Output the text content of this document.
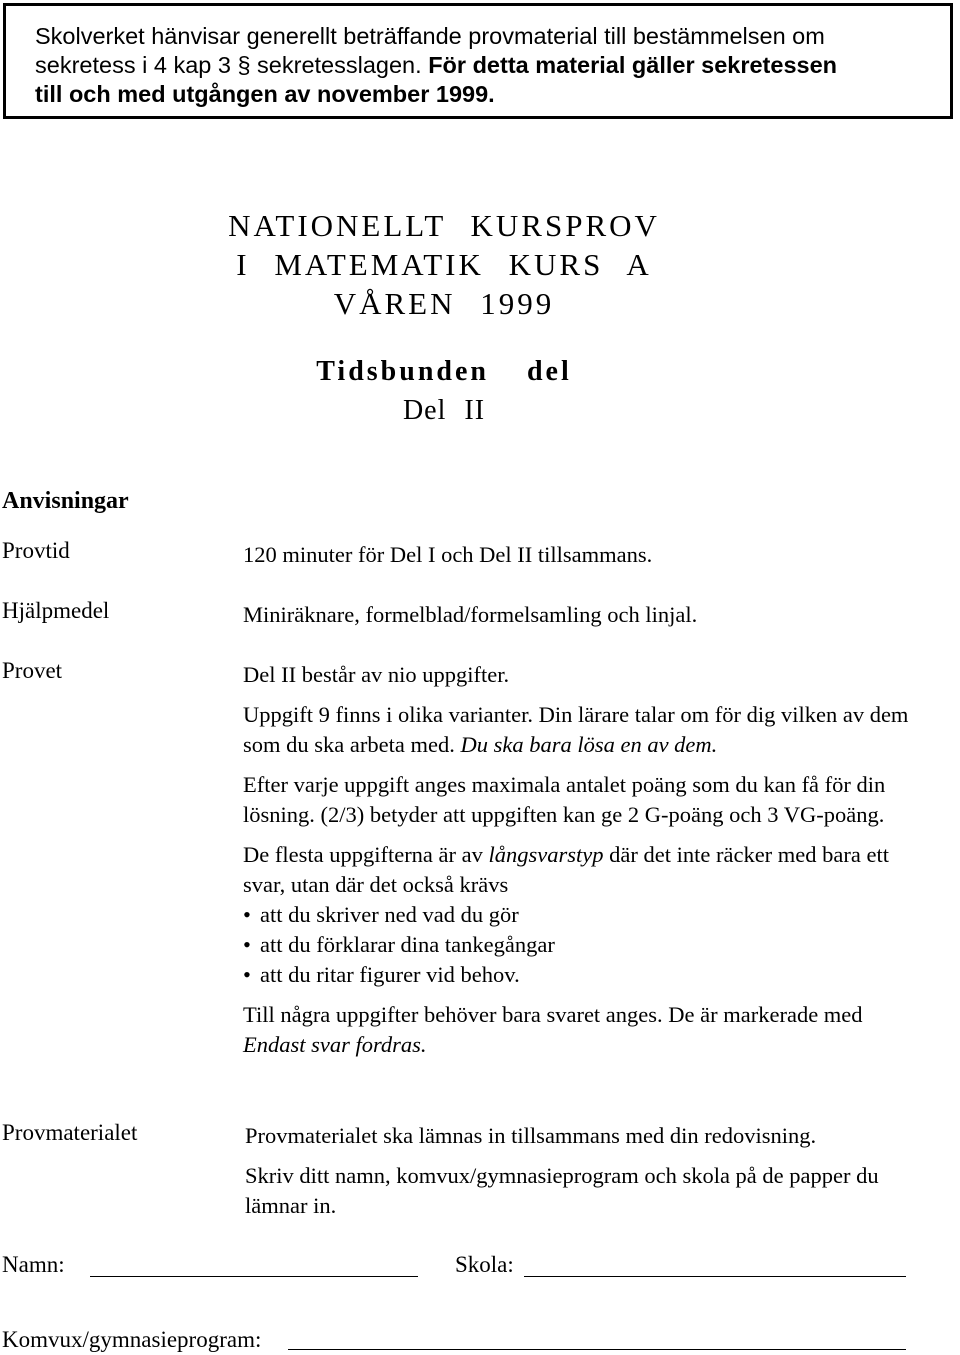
Skolverket hänvisar generellt beträffande provmaterial till bestämmelsen om
sekretess i 4 kap 3 § sekretesslagen. För detta material gäller sekretessen
till och med utgången av november 1999.
NATIONELLT KURSPROV
I MATEMATIK KURS A
VÅREN 1999
Tidsbunden del
Del II
Anvisningar
Provtid	120 minuter för Del I och Del II tillsammans.
Hjälpmedel	Miniräknare, formelblad/formelsamling och linjal.
Provet	Del II består av nio uppgifter.

Uppgift 9 finns i olika varianter. Din lärare talar om för dig vilken av dem som du ska arbeta med. Du ska bara lösa en av dem.

Efter varje uppgift anges maximala antalet poäng som du kan få för din lösning. (2/3) betyder att uppgiften kan ge 2 G-poäng och 3 VG-poäng.

De flesta uppgifterna är av långsvarstyp där det inte räcker med bara ett svar, utan där det också krävs

• att du skriver ned vad du gör
• att du förklarar dina tankegångar
• att du ritar figurer vid behov.

Till några uppgifter behöver bara svaret anges. De är markerade med Endast svar fordras.

Provmaterialet	Provmaterialet ska lämnas in tillsammans med din redovisning.

Skriv ditt namn, komvux/gymnasieprogram och skola på de papper du lämnar in.

Namn:	Skola:
Komvux/gymnasieprogram:
